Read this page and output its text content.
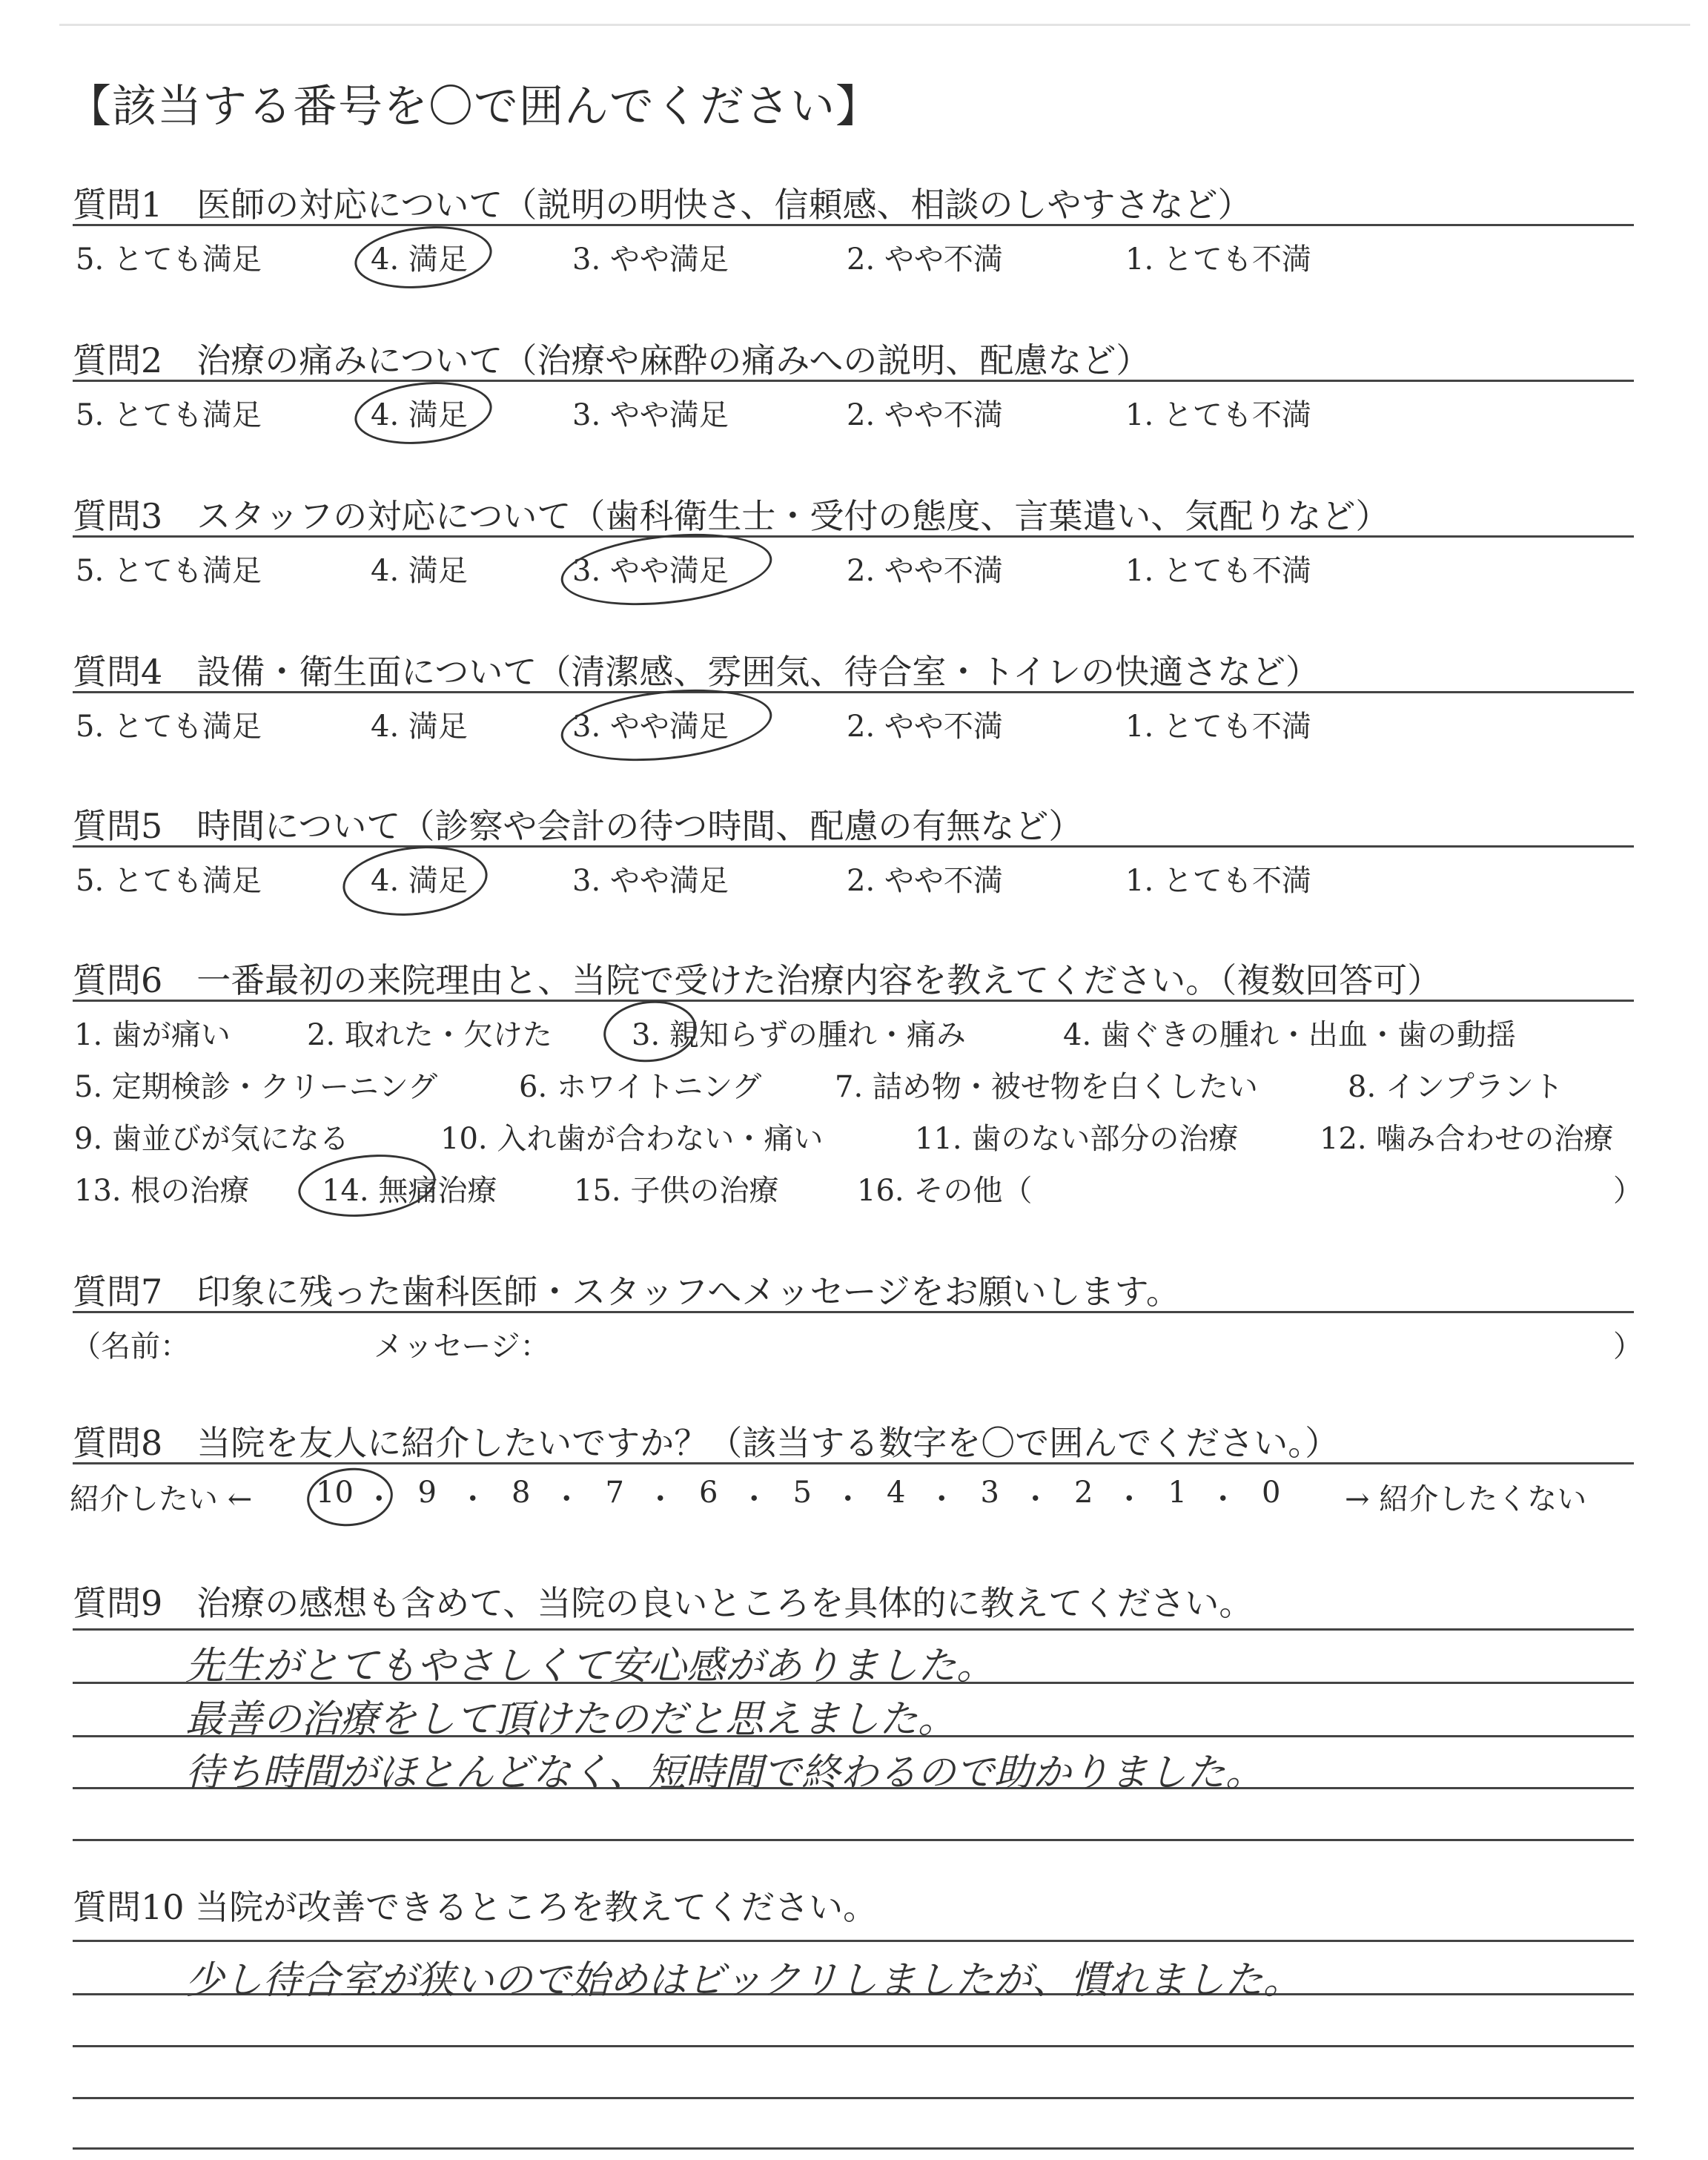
【該当する番号を〇で囲んでください】
質問1　医師の対応について（説明の明快さ、信頼感、相談のしやすさなど）
5. とても満足	4. 満足	3. やや満足	2. やや不満	1. とても不満
質問2　治療の痛みについて（治療や麻酔の痛みへの説明、配慮など）
5. とても満足	4. 満足	3. やや満足	2. やや不満	1. とても不満
質問3　スタッフの対応について（歯科衛生士・受付の態度、言葉遣い、気配りなど）
5. とても満足	4. 満足	3. やや満足	2. やや不満	1. とても不満
質問4　設備・衛生面について（清潔感、雰囲気、待合室・トイレの快適さなど）
5. とても満足	4. 満足	3. やや満足	2. やや不満	1. とても不満
質問5　時間について（診察や会計の待つ時間、配慮の有無など）
5. とても満足	4. 満足	3. やや満足	2. やや不満	1. とても不満
質問6　一番最初の来院理由と、当院で受けた治療内容を教えてください。（複数回答可）
1. 歯が痛い	2. 取れた・欠けた	3. 親知らずの腫れ・痛み	4. 歯ぐきの腫れ・出血・歯の動揺
5. 定期検診・クリーニング	6. ホワイトニング 7. 詰め物・被せ物を白くしたい	8. インプラント
9. 歯並びが気になる	10. 入れ歯が合わない・痛い	11. 歯のない部分の治療	12. 噛み合わせの治療
13. 根の治療 14. 無痛治療	15. 子供の治療	16. その他（	）
質問7　印象に残った歯科医師・スタッフへメッセージをお願いします。
（名前：	メッセージ：	）
質問8　当院を友人に紹介したいですか？（該当する数字を〇で囲んでください。）
紹介したい ← 10 ・ 9 ・ 8 ・ 7 ・ 6 ・ 5 ・ 4 ・ 3 ・ 2 ・ 1 ・ 0 → 紹介したくない
質問9　治療の感想も含めて、当院の良いところを具体的に教えてください。
先生がとてもやさしくて安心感がありました。
最善の治療をして頂けたのだと思えました。
待ち時間がほとんどなく、短時間で終わるので助かりました。
質問10 当院が改善できるところを教えてください。
少し待合室が狭いので始めはビックリしましたが、慣れました。
